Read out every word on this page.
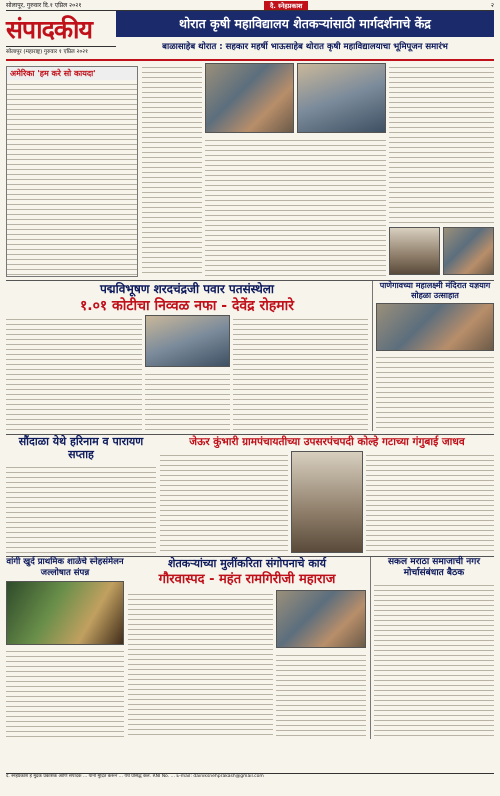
सोलापूर, गुरुवार दि.१ एप्रिल २०२१	दै. स्नेहप्रकाश	२
संपादकीय
सोलापूर (महाराष्ट्र) गुरुवार १ एप्रिल २०२१
थोरात कृषी महाविद्यालय शेतकऱ्यांसाठी मार्गदर्शनाचे केंद्र
बाळासाहेब थोरात : सहकार महर्षी भाऊसाहेब थोरात कृषी महाविद्यालयाचा भूमिपूजन समारंभ
अमेरिका 'हम करे सो कायदा'
पद्मविभूषण शरदचंद्रजी पवार पतसंस्थेला
१.०१ कोटीचा निव्वळ नफा - देवेंद्र रोहमारे
पाणेगावच्या महालक्ष्मी मंदिरात यज्ञयाग सोहळा उत्साहात
सौंदाळा येथे हरिनाम व पारायण सप्ताह
जेऊर कुंभारी ग्रामपंचायतीच्या उपसरपंचपदी कोल्हे गटाच्या गंगुबाई जाधव
वांगी खुर्द प्राथमिक शाळेचे स्नेहसंमेलन जल्लोषात संपन्न
शेतकऱ्यांच्या मुलींकरिता संगोपनाचे कार्य
गौरवास्पद - महंत रामगिरीजी महाराज
सकल मराठा समाजाची नगर मोर्चासंबंधात बैठक
दै. स्नेहप्रकाश हे मुद्रक प्रकाशक आणि संपादक ... यांनी मुद्रित करून ... येथे प्रसिद्ध केले. RNI No. ... E-mail: dainiksnehprakash@gmail.com
